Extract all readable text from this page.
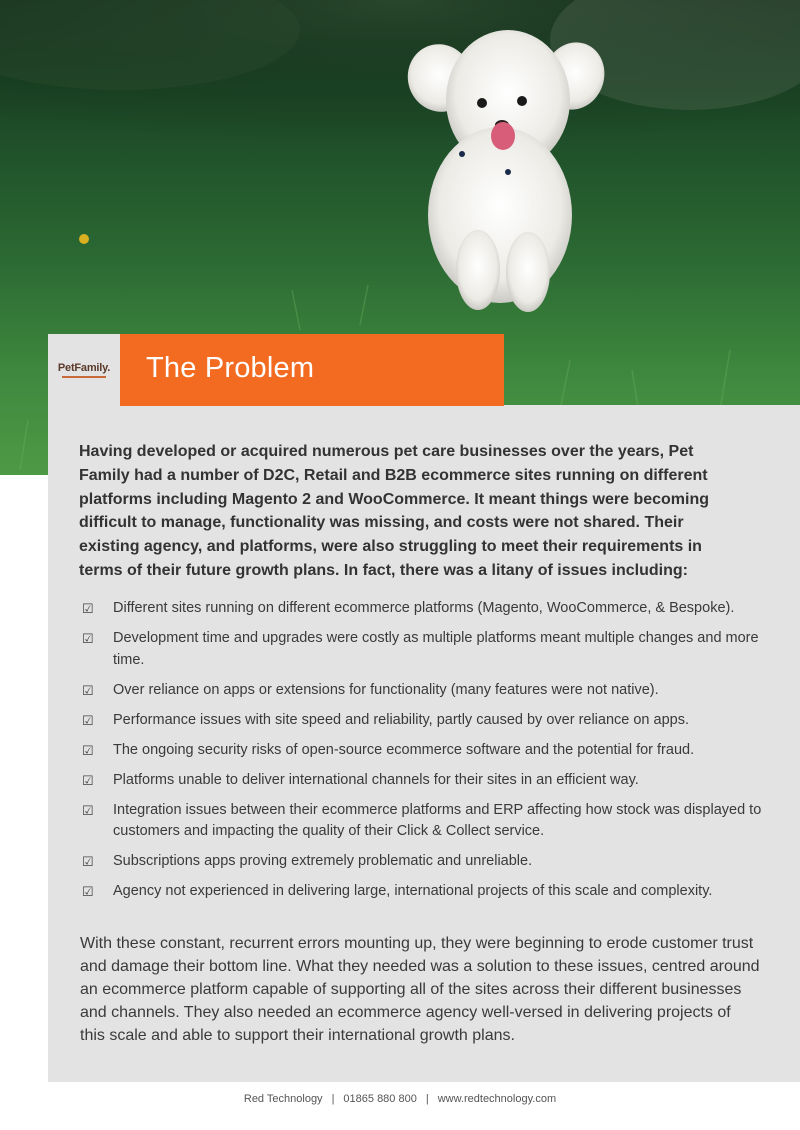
PetFamily. The Problem

Having developed or acquired numerous pet care businesses over the years, Pet Family had a number of D2C, Retail and B2B ecommerce sites running on different platforms including Magento 2 and WooCommerce. It meant things were becoming difficult to manage, functionality was missing, and costs were not shared. Their existing agency, and platforms, were also struggling to meet their requirements in terms of their future growth plans. In fact, there was a litany of issues including:

☑ Different sites running on different ecommerce platforms (Magento, WooCommerce, & Bespoke).
☑ Development time and upgrades were costly as multiple platforms meant multiple changes and more time.
☑ Over reliance on apps or extensions for functionality (many features were not native).
☑ Performance issues with site speed and reliability, partly caused by over reliance on apps.
☑ The ongoing security risks of open-source ecommerce software and the potential for fraud.
☑ Platforms unable to deliver international channels for their sites in an efficient way.
☑ Integration issues between their ecommerce platforms and ERP affecting how stock was displayed to customers and impacting the quality of their Click & Collect service.
☑ Subscriptions apps proving extremely problematic and unreliable.
☑ Agency not experienced in delivering large, international projects of this scale and complexity.

With these constant, recurrent errors mounting up, they were beginning to erode customer trust and damage their bottom line. What they needed was a solution to these issues, centred around an ecommerce platform capable of supporting all of the sites across their different businesses and channels. They also needed an ecommerce agency well-versed in delivering projects of this scale and able to support their international growth plans.

Red Technology | 01865 880 800 | www.redtechnology.com
